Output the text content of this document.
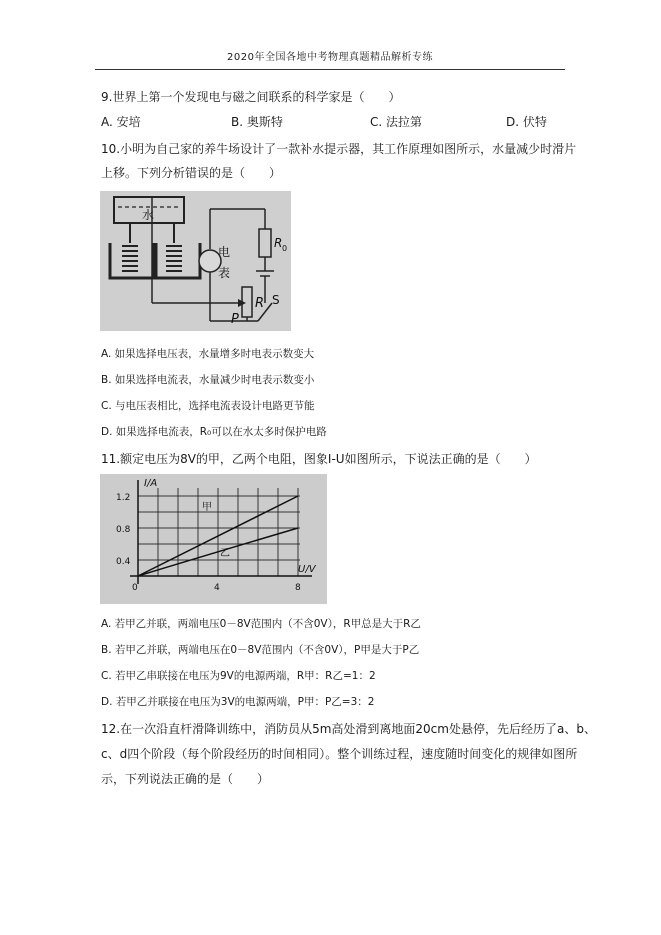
2020年全国各地中考物理真题精品解析专练
9.世界上第一个发现电与磁之间联系的科学家是（　　）
A. 安培	B. 奥斯特	C. 法拉第	D. 伏特
10.小明为自己家的养牛场设计了一款补水提示器，其工作原理如图所示，水量减少时滑片
上移。下列分析错误的是（　　）
水
电
表
R 0
R S
P
A. 如果选择电压表，水量增多时电表示数变大
B. 如果选择电流表，水量减少时电表示数变小
C. 与电压表相比，选择电流表设计电路更节能
D. 如果选择电流表，R₀可以在水太多时保护电路
11.额定电压为8V的甲，乙两个电阻，图象I-U如图所示，下说法正确的是（　　）
I/A
U/V
1.2
0.8
0.4
0	4	8
甲
乙
A. 若甲乙并联，两端电压0－8V范围内（不含0V），R甲总是大于R乙
B. 若甲乙并联，两端电压在0－8V范围内（不含0V），P甲是大于P乙
C. 若甲乙串联接在电压为9V的电源两端，R甲：R乙=1：2
D. 若甲乙并联接在电压为3V的电源两端，P甲：P乙=3：2
12.在一次沿直杆滑降训练中，消防员从5m高处滑到离地面20cm处悬停，先后经历了a、b、
c、d四个阶段（每个阶段经历的时间相同）。整个训练过程，速度随时间变化的规律如图所
示，下列说法正确的是（　　）
